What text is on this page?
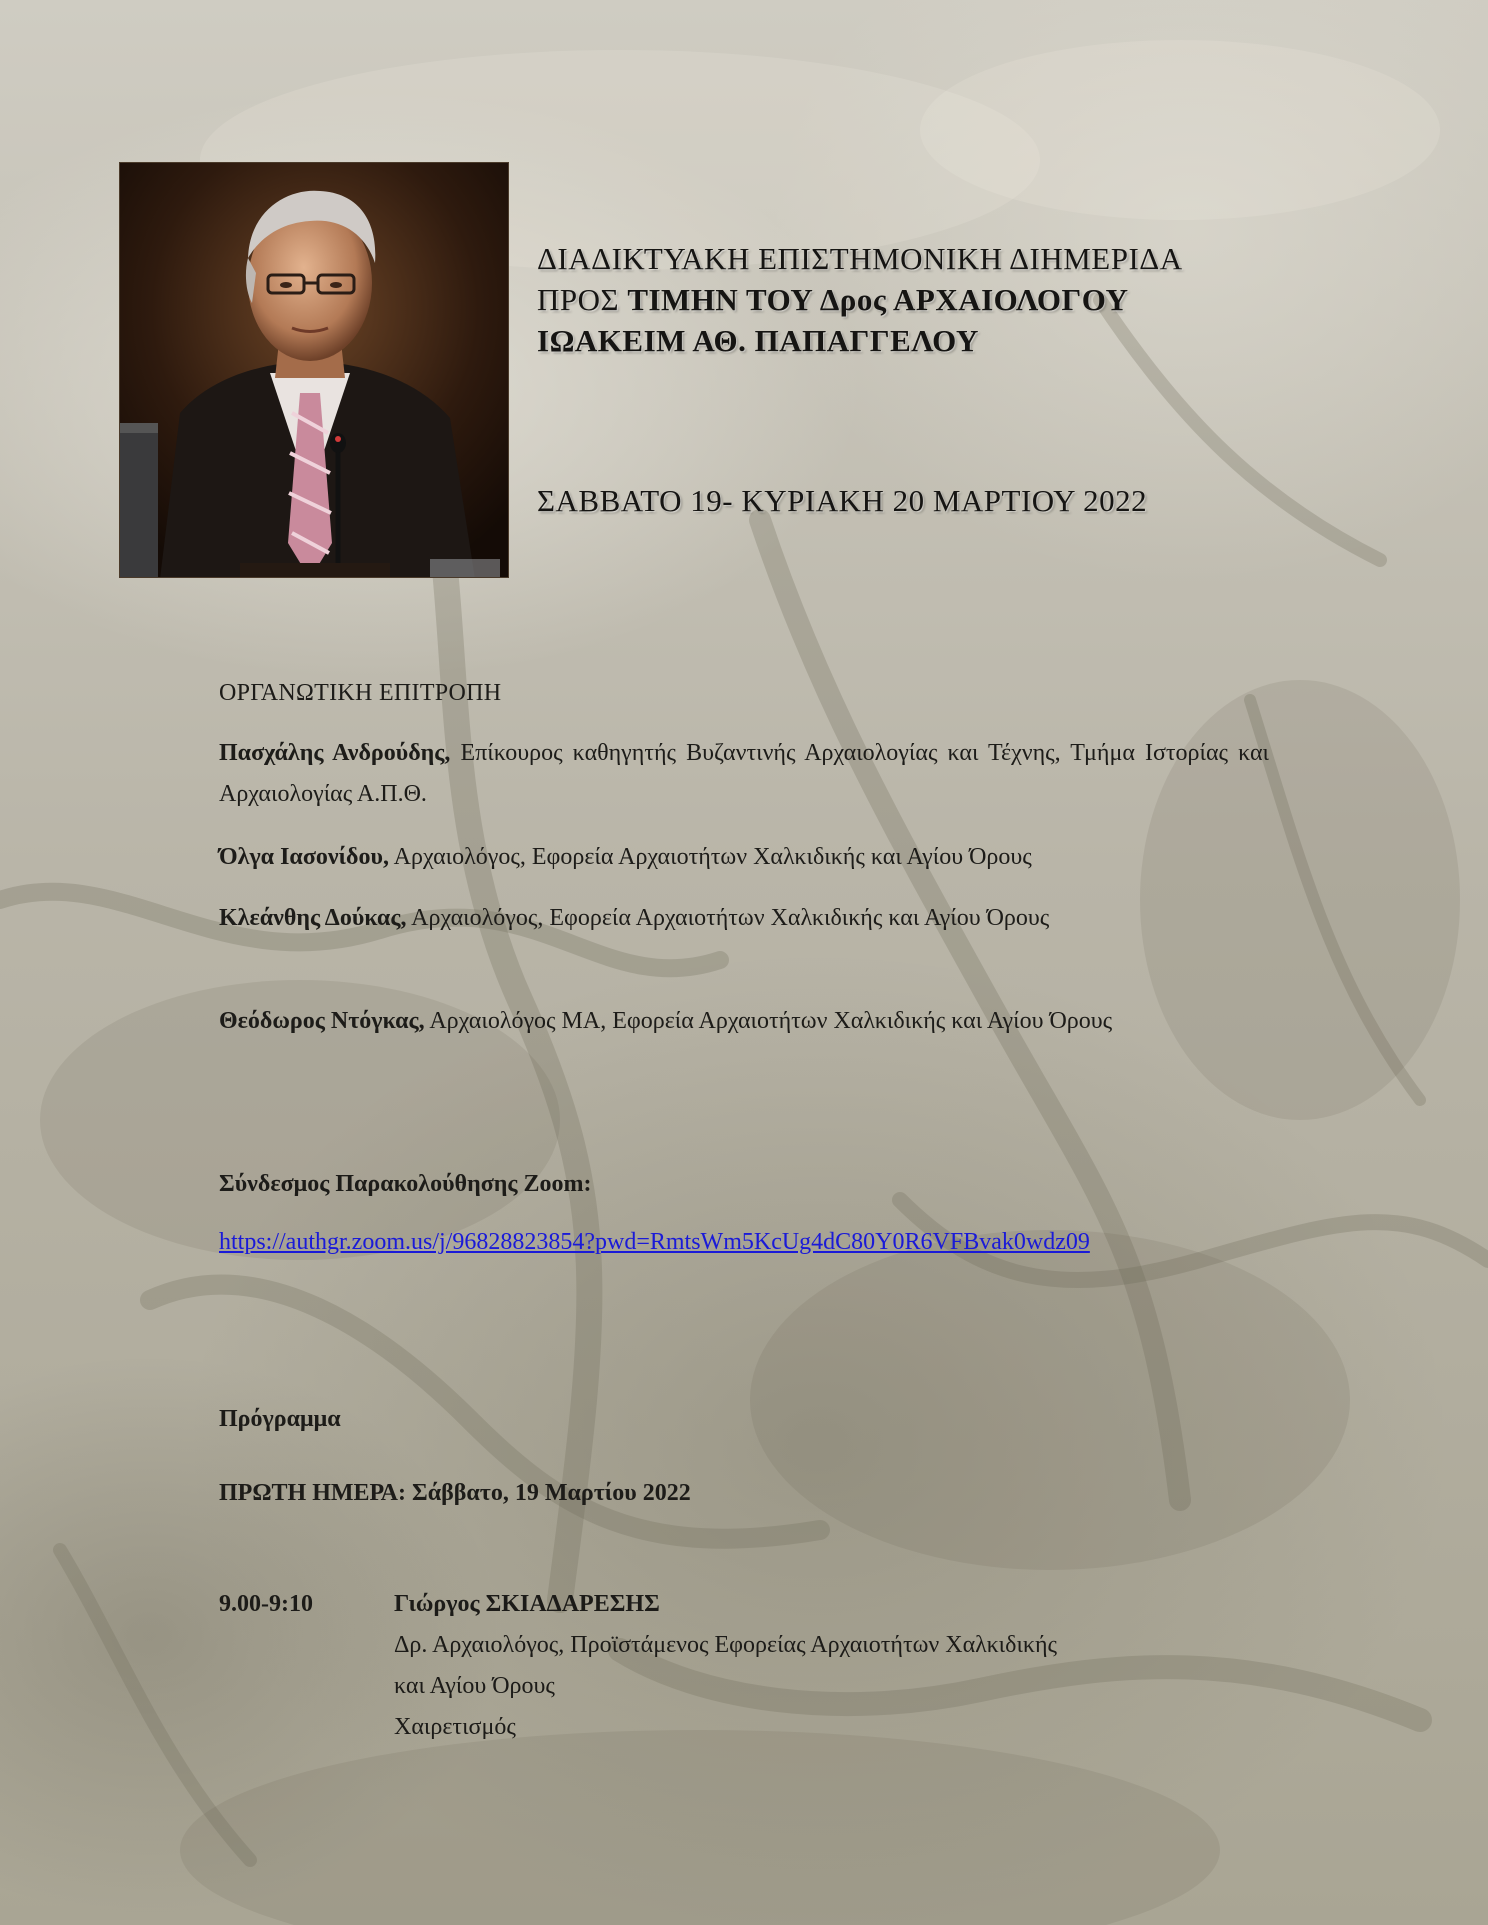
ΔΙΑΔΙΚΤΥΑΚΗ ΕΠΙΣΤΗΜΟΝΙΚΗ ΔΙΗΜΕΡΙΔΑ
ΠΡΟΣ ΤΙΜΗΝ ΤΟΥ Δρος ΑΡΧΑΙΟΛΟΓΟΥ
ΙΩΑΚΕΙΜ ΑΘ. ΠΑΠΑΓΓΕΛΟΥ
ΣΑΒΒΑΤΟ 19- ΚΥΡΙΑΚΗ 20 ΜΑΡΤΙΟΥ 2022
ΟΡΓΑΝΩΤΙΚΗ ΕΠΙΤΡΟΠΗ
Πασχάλης Ανδρούδης, Επίκουρος καθηγητής Βυζαντινής Αρχαιολογίας και Τέχνης, Τμήμα Ιστορίας και Αρχαιολογίας Α.Π.Θ.
Όλγα Ιασονίδου, Αρχαιολόγος, Εφορεία Αρχαιοτήτων Χαλκιδικής και Αγίου Όρους
Κλεάνθης Δούκας, Αρχαιολόγος, Εφορεία Αρχαιοτήτων Χαλκιδικής και Αγίου Όρους
Θεόδωρος Ντόγκας, Αρχαιολόγος MA, Εφορεία Αρχαιοτήτων Χαλκιδικής και Αγίου Όρους
Σύνδεσμος Παρακολούθησης Zoom:
https://authgr.zoom.us/j/96828823854?pwd=RmtsWm5KcUg4dC80Y0R6VFBvak0wdz09
Πρόγραμμα
ΠΡΩΤΗ ΗΜΕΡΑ: Σάββατο, 19 Μαρτίου 2022
9.00-9:10	Γιώργος ΣΚΙΑΔΑΡΕΣΗΣ
Δρ. Αρχαιολόγος, Προϊστάμενος Εφορείας Αρχαιοτήτων Χαλκιδικής
και Αγίου Όρους
Χαιρετισμός
